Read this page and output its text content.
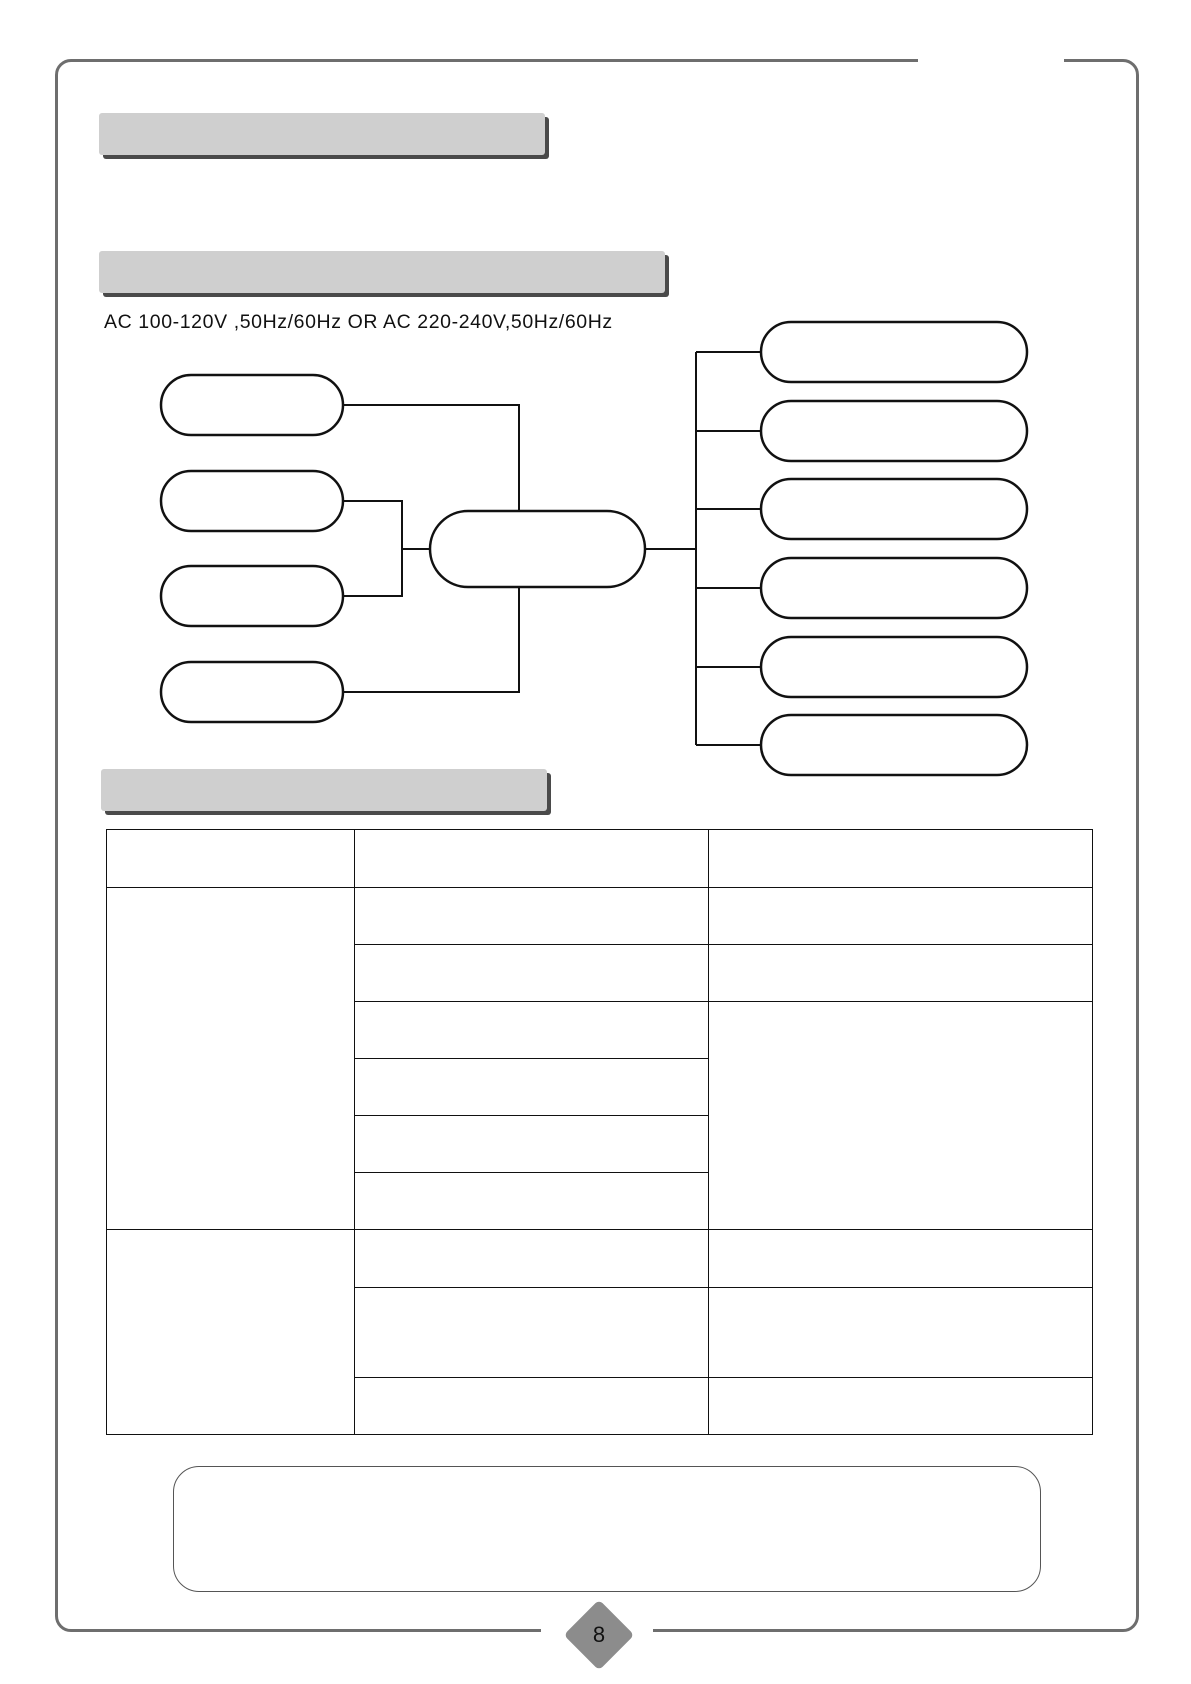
AC 100-120V ,50Hz/60Hz OR AC 220-240V,50Hz/60Hz

8
